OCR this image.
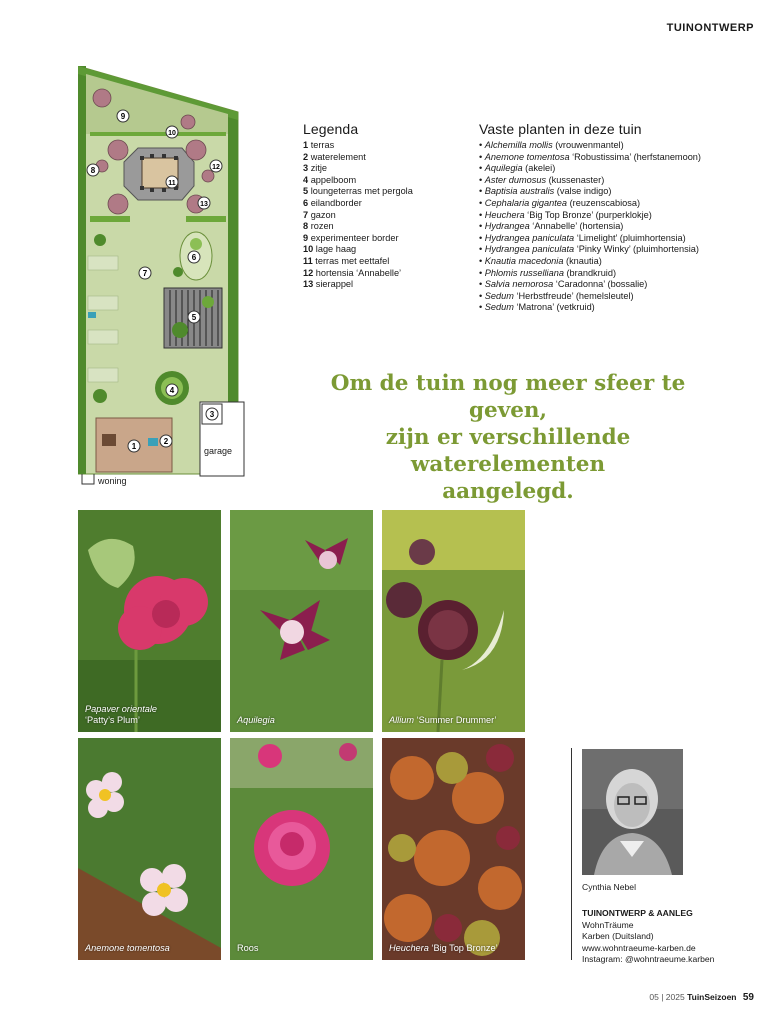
TUINONTWERP
1
2
3
4
5
6
7
8
9
10
11
12
13
woning
garage
Legenda
1 terras
2 waterelement
3 zitje
4 appelboom
5 loungeterras met pergola
6 eilandborder
7 gazon
8 rozen
9 experimenteer border
10 lage haag
11 terras met eettafel
12 hortensia ‘Annabelle’
13 sierappel
Vaste planten in deze tuin
• Alchemilla mollis (vrouwenmantel)
• Anemone tomentosa ‘Robustissima’ (herfstanemoon)
• Aquilegia (akelei)
• Aster dumosus (kussenaster)
• Baptisia australis (valse indigo)
• Cephalaria gigantea (reuzenscabiosa)
• Heuchera ‘Big Top Bronze’ (purperklokje)
• Hydrangea ‘Annabelle’ (hortensia)
• Hydrangea paniculata ‘Limelight’ (pluimhortensia)
• Hydrangea paniculata ‘Pinky Winky’ (pluimhortensia)
• Knautia macedonia (knautia)
• Phlomis russelliana (brandkruid)
• Salvia nemorosa ‘Caradonna’ (bossalie)
• Sedum ‘Herbstfreude’ (hemelsleutel)
• Sedum ‘Matrona’ (vetkruid)
Om de tuin nog meer sfeer te geven,
zijn er verschillende waterelementen
aangelegd.
Papaver orientale
‘Patty’s Plum’	Aquilegia	Allium ‘Summer Drummer’
Anemone tomentosa	Roos	Heuchera ‘Big Top Bronze’
Cynthia Nebel
TUINONTWERP & AANLEG
WohnTräume
Karben (Duitsland)
www.wohntraeume-karben.de
Instagram: @wohntraeume.karben
05 | 2025 TuinSeizoen 59
